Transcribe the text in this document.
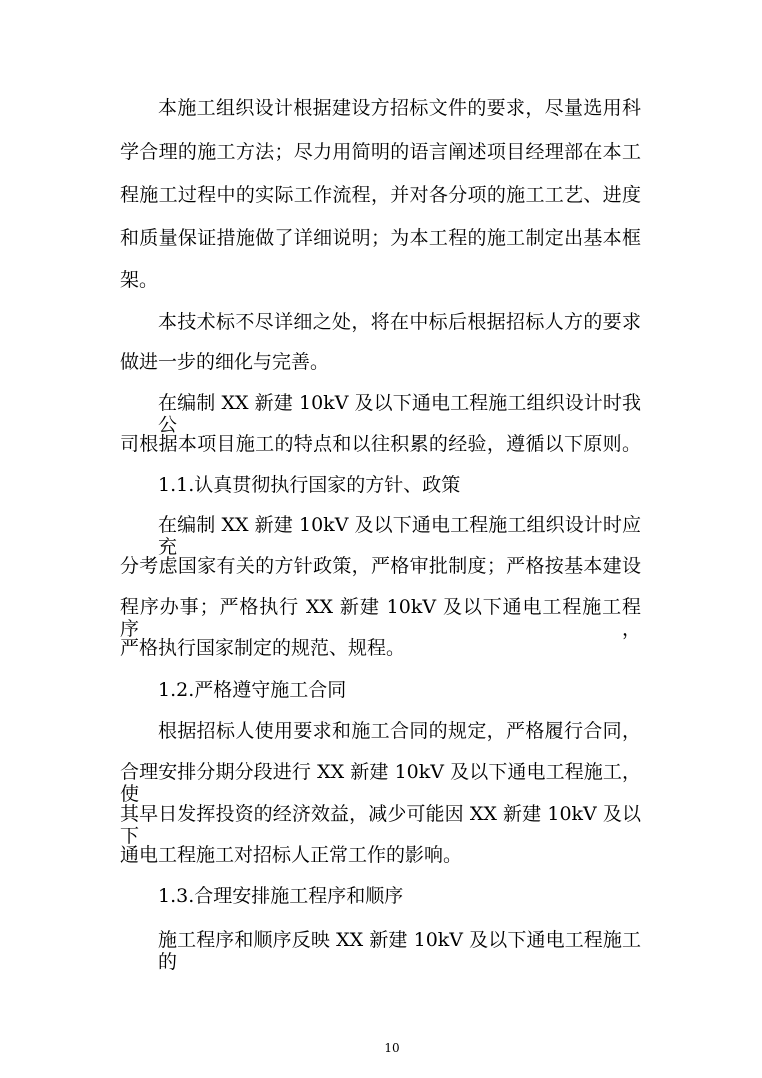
本施工组织设计根据建设方招标文件的要求，尽量选用科
学合理的施工方法；尽力用简明的语言阐述项目经理部在本工
程施工过程中的实际工作流程，并对各分项的施工工艺、进度
和质量保证措施做了详细说明；为本工程的施工制定出基本框
架。
本技术标不尽详细之处，将在中标后根据招标人方的要求
做进一步的细化与完善。
在编制 XX 新建 10kV 及以下通电工程施工组织设计时我公
司根据本项目施工的特点和以往积累的经验，遵循以下原则。
1.1.认真贯彻执行国家的方针、政策
在编制 XX 新建 10kV 及以下通电工程施工组织设计时应充
分考虑国家有关的方针政策，严格审批制度；严格按基本建设
程序办事；严格执行 XX 新建 10kV 及以下通电工程施工程序，
严格执行国家制定的规范、规程。
1.2.严格遵守施工合同
根据招标人使用要求和施工合同的规定，严格履行合同，
合理安排分期分段进行 XX 新建 10kV 及以下通电工程施工，使
其早日发挥投资的经济效益，减少可能因 XX 新建 10kV 及以下
通电工程施工对招标人正常工作的影响。
1.3.合理安排施工程序和顺序
施工程序和顺序反映 XX 新建 10kV 及以下通电工程施工的
10
